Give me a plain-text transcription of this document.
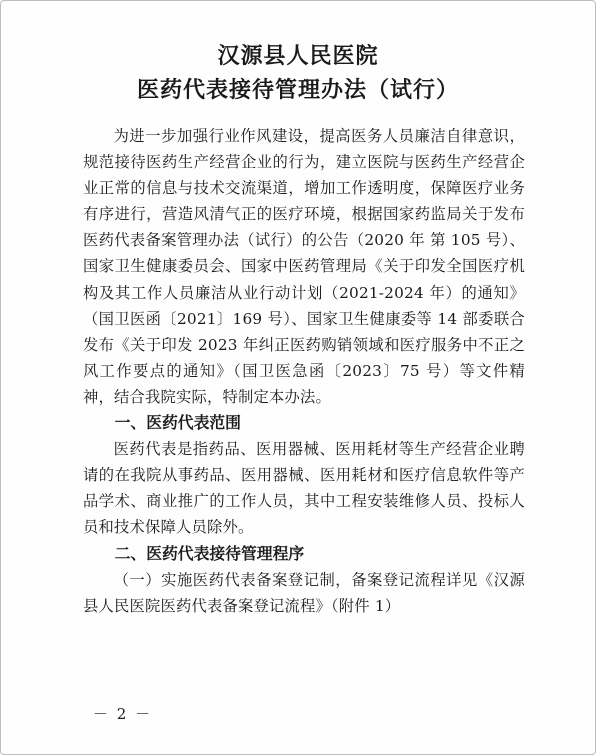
汉源县人民医院

医药代表接待管理办法（试行）

为进一步加强行业作风建设，提高医务人员廉洁自律意识，规范接待医药生产经营企业的行为，建立医院与医药生产经营企业正常的信息与技术交流渠道，增加工作透明度，保障医疗业务有序进行，营造风清气正的医疗环境，根据国家药监局关于发布医药代表备案管理办法（试行）的公告（2020 年 第 105 号）、国家卫生健康委员会、国家中医药管理局《关于印发全国医疗机构及其工作人员廉洁从业行动计划（2021-2024 年）的通知》（国卫医函〔2021〕169 号）、国家卫生健康委等 14 部委联合发布《关于印发 2023 年纠正医药购销领域和医疗服务中不正之风工作要点的通知》（国卫医急函〔2023〕75 号）等文件精神，结合我院实际，特制定本办法。

一、医药代表范围

医药代表是指药品、医用器械、医用耗材等生产经营企业聘请的在我院从事药品、医用器械、医用耗材和医疗信息软件等产品学术、商业推广的工作人员，其中工程安装维修人员、投标人员和技术保障人员除外。

二、医药代表接待管理程序

（一）实施医药代表备案登记制，备案登记流程详见《汉源县人民医院医药代表备案登记流程》（附件 1）

－ 2 －
